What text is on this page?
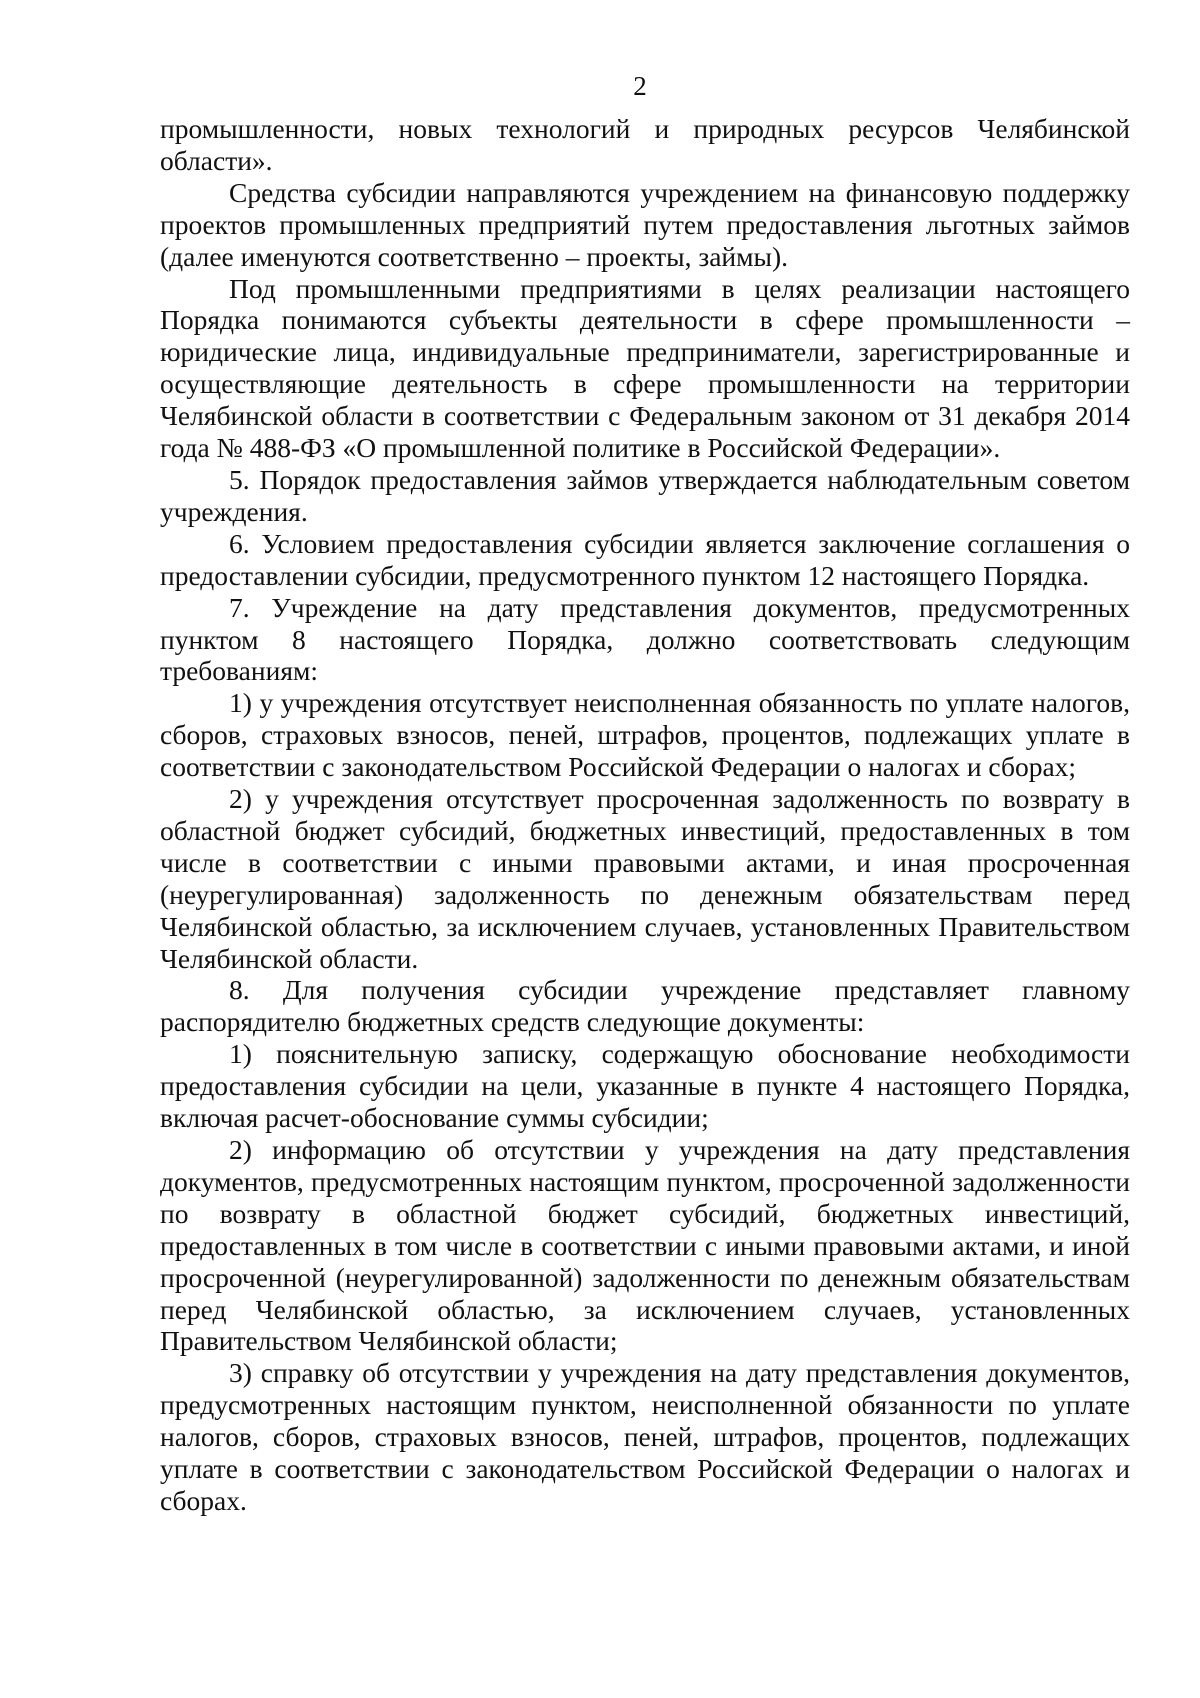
2

промышленности, новых технологий и природных ресурсов Челябинской области».

Средства субсидии направляются учреждением на финансовую поддержку проектов промышленных предприятий путем предоставления льготных займов (далее именуются соответственно – проекты, займы).

Под промышленными предприятиями в целях реализации настоящего Порядка понимаются субъекты деятельности в сфере промышленности – юридические лица, индивидуальные предприниматели, зарегистрированные и осуществляющие деятельность в сфере промышленности на территории Челябинской области в соответствии с Федеральным законом от 31 декабря 2014 года № 488-ФЗ «О промышленной политике в Российской Федерации».

5. Порядок предоставления займов утверждается наблюдательным советом учреждения.

6. Условием предоставления субсидии является заключение соглашения о предоставлении субсидии, предусмотренного пунктом 12 настоящего Порядка.

7. Учреждение на дату представления документов, предусмотренных пунктом 8 настоящего Порядка, должно соответствовать следующим требованиям:

1) у учреждения отсутствует неисполненная обязанность по уплате налогов, сборов, страховых взносов, пеней, штрафов, процентов, подлежащих уплате в соответствии с законодательством Российской Федерации о налогах и сборах;

2) у учреждения отсутствует просроченная задолженность по возврату в областной бюджет субсидий, бюджетных инвестиций, предоставленных в том числе в соответствии с иными правовыми актами, и иная просроченная (неурегулированная) задолженность по денежным обязательствам перед Челябинской областью, за исключением случаев, установленных Правительством Челябинской области.

8. Для получения субсидии учреждение представляет главному распорядителю бюджетных средств следующие документы:

1) пояснительную записку, содержащую обоснование необходимости предоставления субсидии на цели, указанные в пункте 4 настоящего Порядка, включая расчет-обоснование суммы субсидии;

2) информацию об отсутствии у учреждения на дату представления документов, предусмотренных настоящим пунктом, просроченной задолженности по возврату в областной бюджет субсидий, бюджетных инвестиций, предоставленных в том числе в соответствии с иными правовыми актами, и иной просроченной (неурегулированной) задолженности по денежным обязательствам перед Челябинской областью, за исключением случаев, установленных Правительством Челябинской области;

3) справку об отсутствии у учреждения на дату представления документов, предусмотренных настоящим пунктом, неисполненной обязанности по уплате налогов, сборов, страховых взносов, пеней, штрафов, процентов, подлежащих уплате в соответствии с законодательством Российской Федерации о налогах и сборах.
